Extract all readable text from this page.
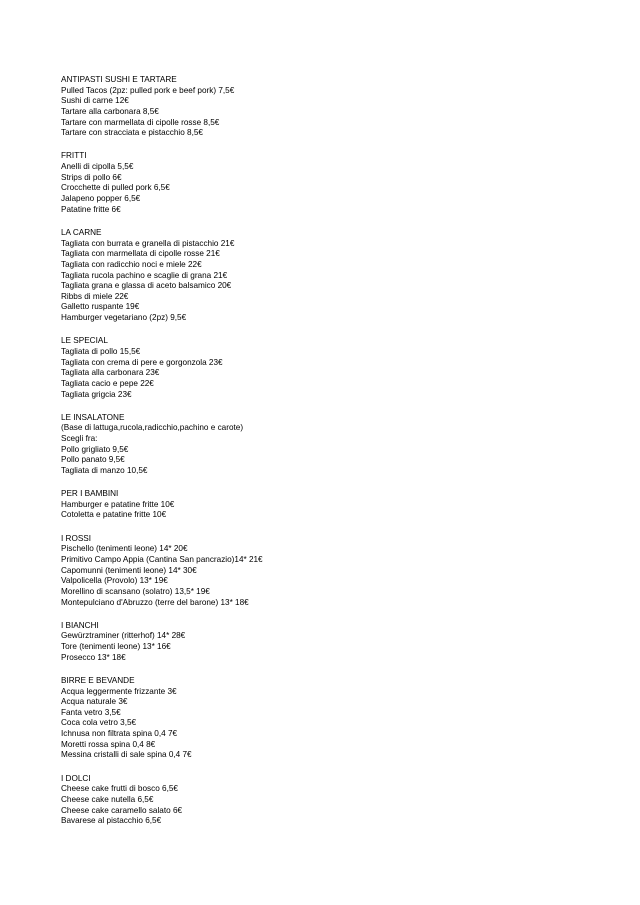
ANTIPASTI SUSHI E TARTARE
Pulled Tacos (2pz: pulled pork e beef pork) 7,5€
Sushi di carne 12€
Tartare alla carbonara 8,5€
Tartare con marmellata di cipolle rosse 8,5€
Tartare con stracciata e pistacchio 8,5€
FRITTI
Anelli di cipolla 5,5€
Strips di pollo 6€
Crocchette di pulled pork 6,5€
Jalapeno popper 6,5€
Patatine fritte 6€
LA CARNE
Tagliata con burrata e granella di pistacchio 21€
Tagliata con marmellata di cipolle rosse 21€
Tagliata con radicchio noci e miele 22€
Tagliata rucola pachino e scaglie di grana 21€
Tagliata grana e glassa di aceto balsamico 20€
Ribbs di miele 22€
Galletto ruspante 19€
Hamburger vegetariano (2pz) 9,5€
LE SPECIAL
Tagliata di pollo 15,5€
Tagliata con crema di pere e gorgonzola 23€
Tagliata alla carbonara 23€
Tagliata cacio e pepe 22€
Tagliata grigcia 23€
LE INSALATONE
(Base di lattuga,rucola,radicchio,pachino e carote)
Scegli fra:
Pollo grigliato 9,5€
Pollo panato 9,5€
Tagliata di manzo 10,5€
PER I BAMBINI
Hamburger e patatine fritte 10€
Cotoletta e patatine fritte 10€
I ROSSI
Pischello (tenimenti leone) 14* 20€
Primitivo Campo Appia (Cantina San pancrazio)14* 21€
Capomunni (tenimenti leone) 14* 30€
Valpolicella (Provolo) 13* 19€
Morellino di scansano (solatro) 13,5* 19€
Montepulciano d'Abruzzo (terre del barone) 13* 18€
I BIANCHI
Gewürztraminer (ritterhof) 14* 28€
Tore (tenimenti leone) 13* 16€
Prosecco 13* 18€
BIRRE E BEVANDE
Acqua leggermente frizzante 3€
Acqua naturale 3€
Fanta vetro 3,5€
Coca cola vetro 3,5€
Ichnusa non filtrata spina 0,4 7€
Moretti rossa spina 0,4 8€
Messina cristalli di sale spina 0,4 7€
I DOLCI
Cheese cake frutti di bosco 6,5€
Cheese cake nutella 6,5€
Cheese cake caramello salato 6€
Bavarese al pistacchio 6,5€
